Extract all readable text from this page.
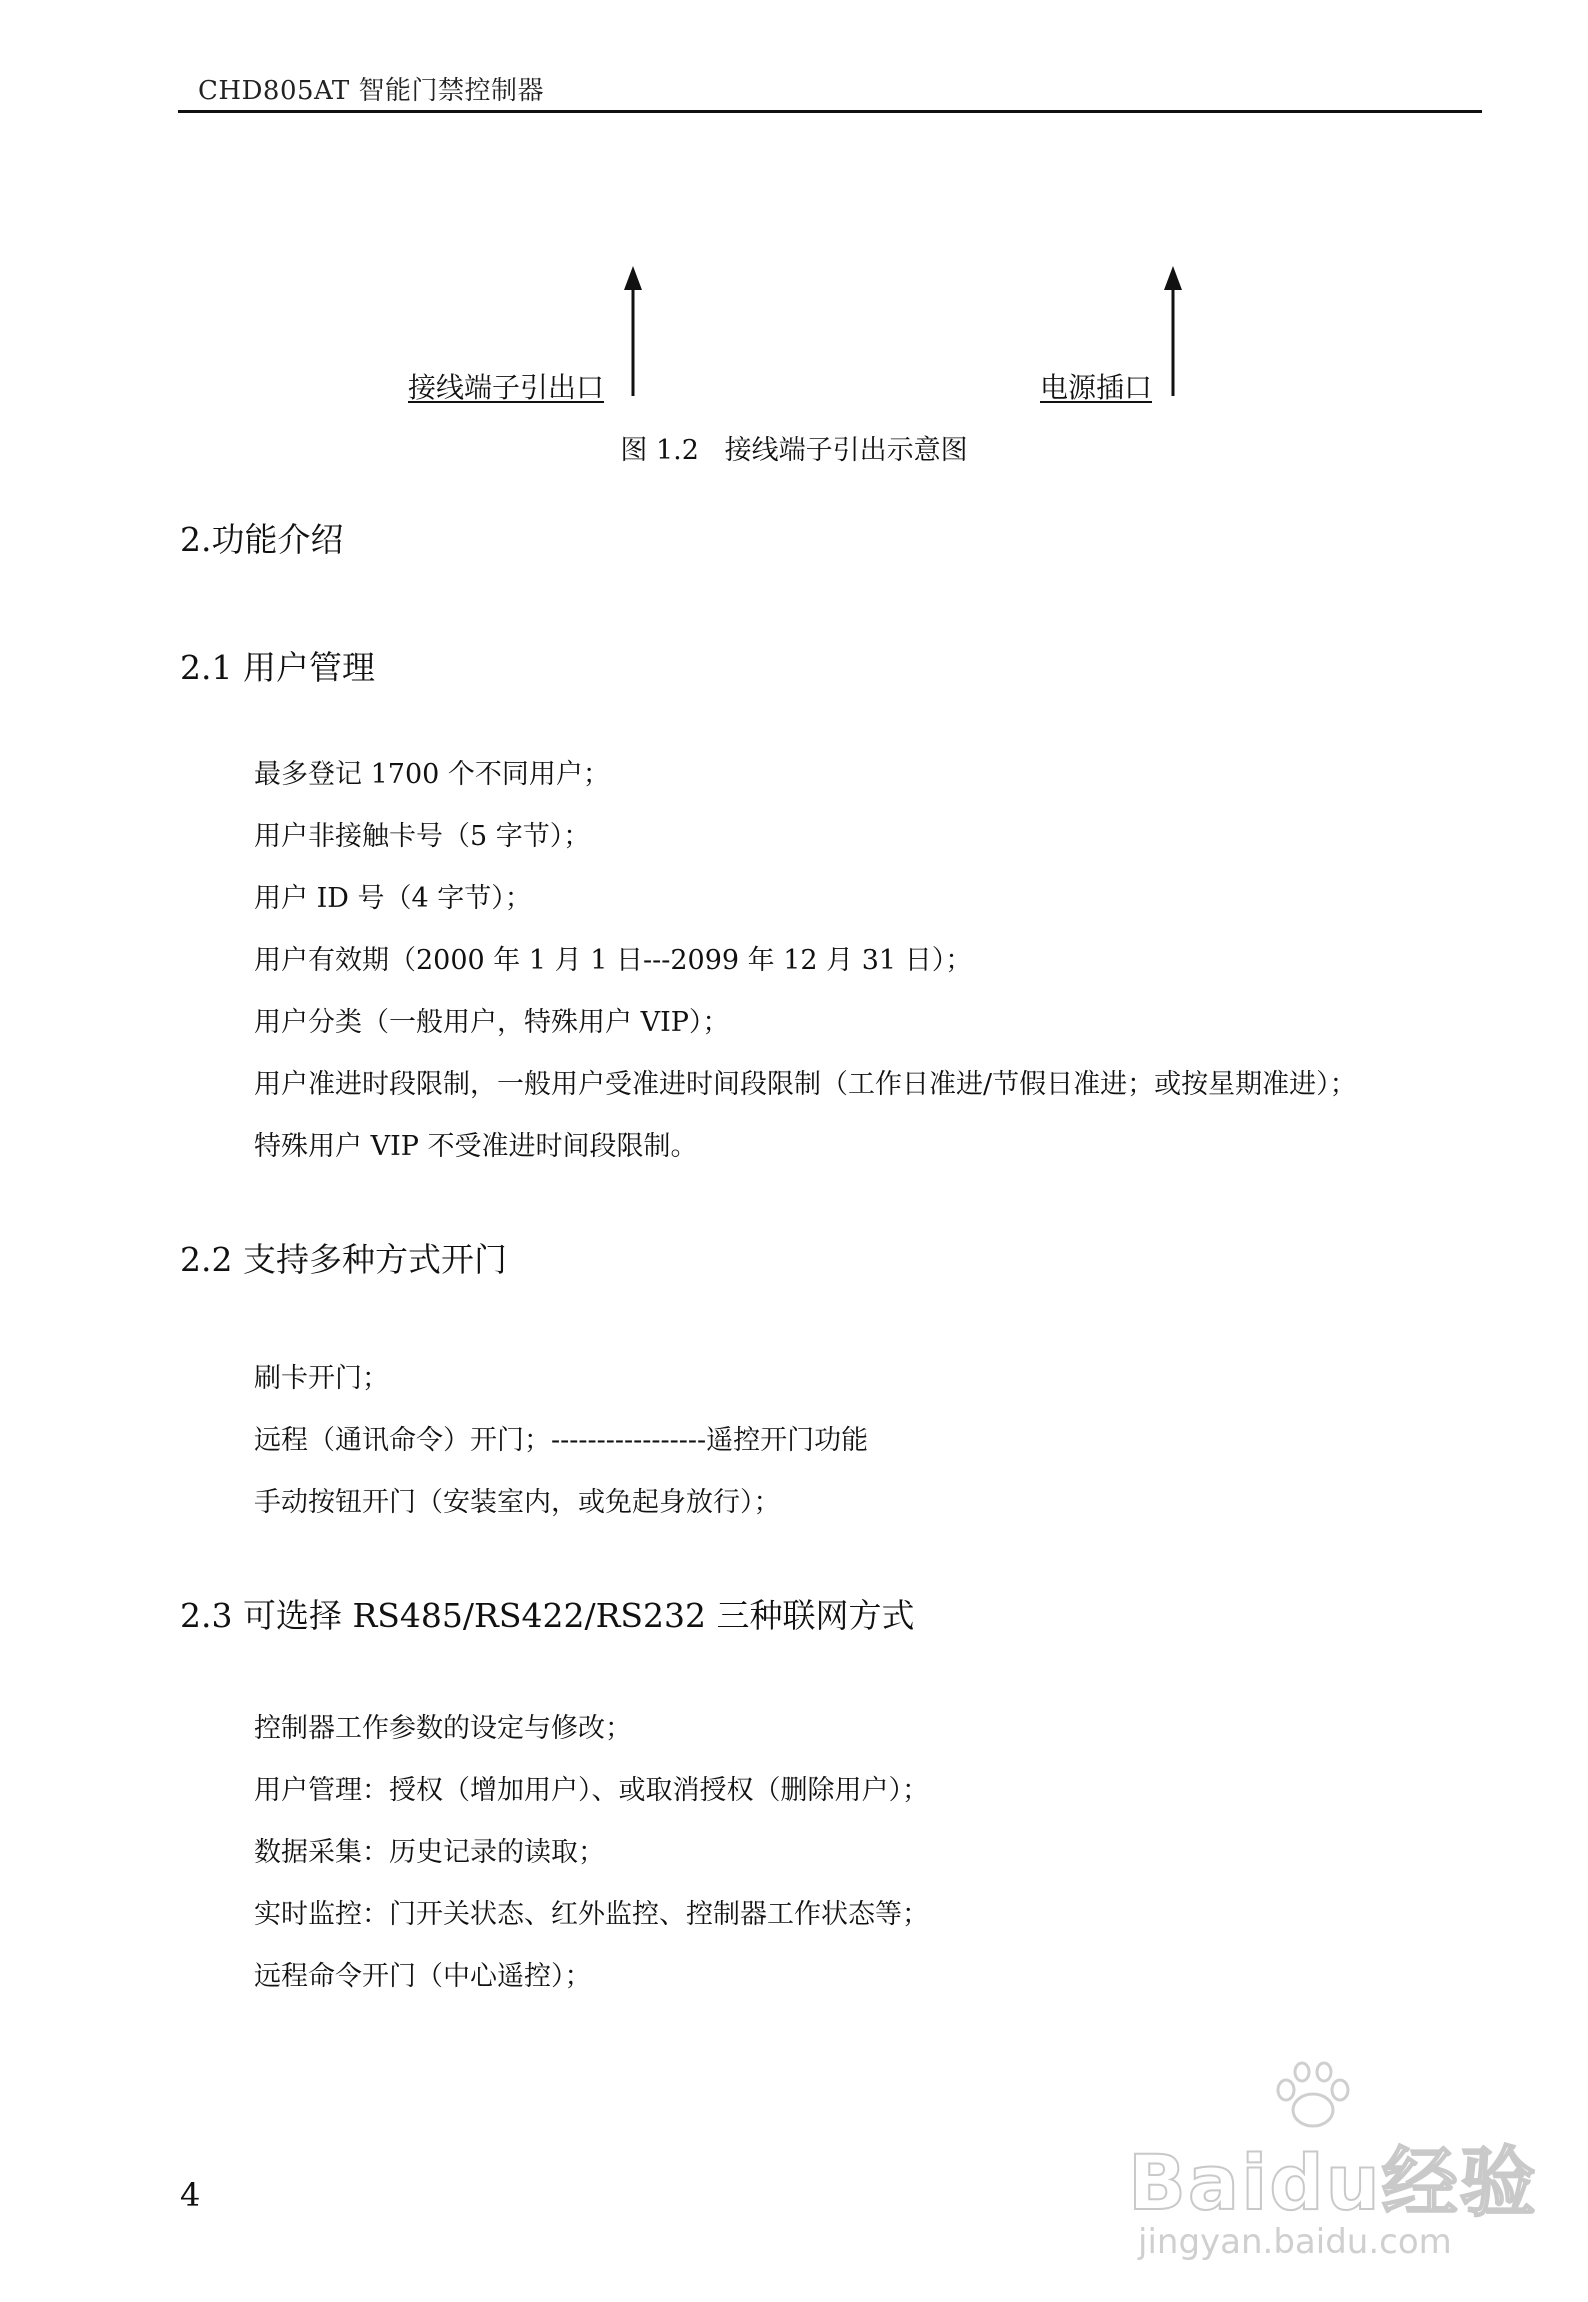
CHD805AT 智能门禁控制器
接线端子引出口	电源插口
图 1.2   接线端子引出示意图
2.功能介绍
2.1 用户管理
最多登记 1700 个不同用户；
用户非接触卡号（5 字节）；
用户 ID 号（4 字节）；
用户有效期（2000 年 1 月 1 日---2099 年 12 月 31 日）；
用户分类（一般用户，特殊用户 VIP）；
用户准进时段限制，一般用户受准进时间段限制（工作日准进/节假日准进；或按星期准进）；
特殊用户 VIP 不受准进时间段限制。
2.2 支持多种方式开门
刷卡开门；
远程（通讯命令）开门；-----------------遥控开门功能
手动按钮开门（安装室内，或免起身放行）；
2.3 可选择 RS485/RS422/RS232 三种联网方式
控制器工作参数的设定与修改；
用户管理：授权（增加用户）、或取消授权（删除用户）；
数据采集：历史记录的读取；
实时监控：门开关状态、红外监控、控制器工作状态等；
远程命令开门（中心遥控）；
4	Baidu经验
jingyan.baidu.com
